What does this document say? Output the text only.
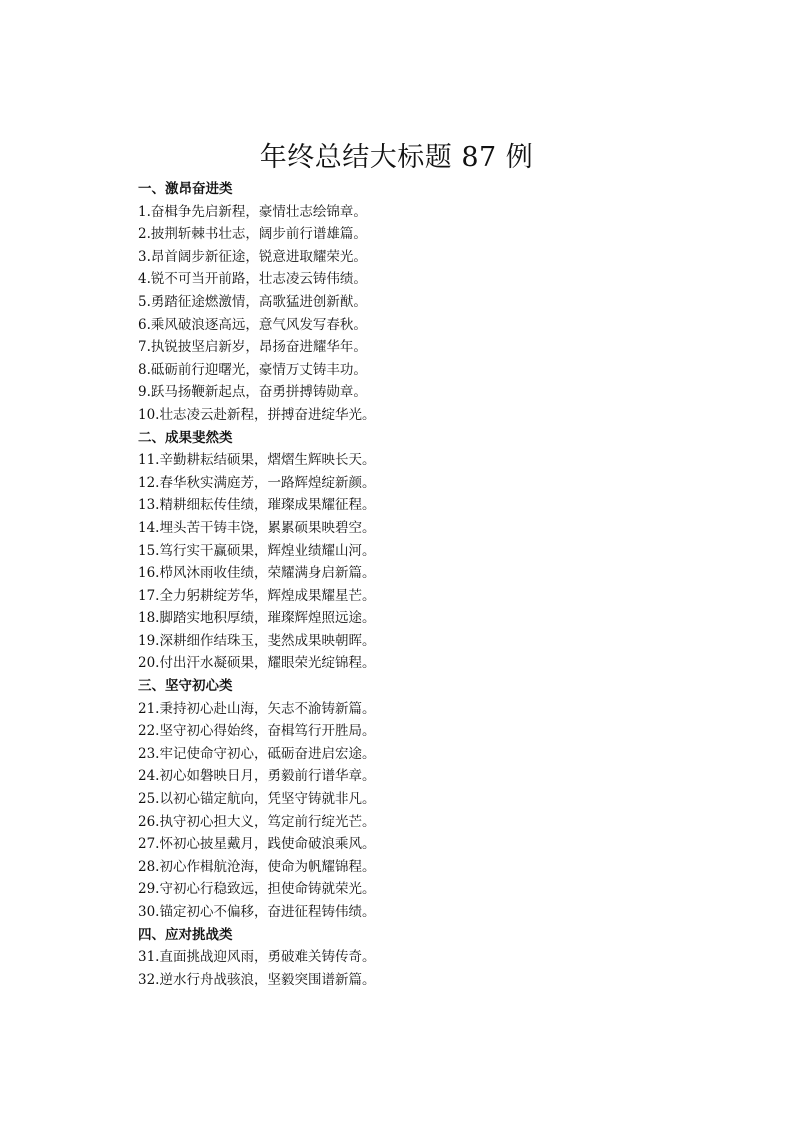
年终总结大标题 87 例
一、激昂奋进类
1.奋楫争先启新程，豪情壮志绘锦章。
2.披荆斩棘书壮志，阔步前行谱雄篇。
3.昂首阔步新征途，锐意进取耀荣光。
4.锐不可当开前路，壮志凌云铸伟绩。
5.勇踏征途燃激情，高歌猛进创新猷。
6.乘风破浪逐高远，意气风发写春秋。
7.执锐披坚启新岁，昂扬奋进耀华年。
8.砥砺前行迎曙光，豪情万丈铸丰功。
9.跃马扬鞭新起点，奋勇拼搏铸勋章。
10.壮志凌云赴新程，拼搏奋进绽华光。
二、成果斐然类
11.辛勤耕耘结硕果，熠熠生辉映长天。
12.春华秋实满庭芳，一路辉煌绽新颜。
13.精耕细耘传佳绩，璀璨成果耀征程。
14.埋头苦干铸丰饶，累累硕果映碧空。
15.笃行实干赢硕果，辉煌业绩耀山河。
16.栉风沐雨收佳绩，荣耀满身启新篇。
17.全力躬耕绽芳华，辉煌成果耀星芒。
18.脚踏实地积厚绩，璀璨辉煌照远途。
19.深耕细作结珠玉，斐然成果映朝晖。
20.付出汗水凝硕果，耀眼荣光绽锦程。
三、坚守初心类
21.秉持初心赴山海，矢志不渝铸新篇。
22.坚守初心得始终，奋楫笃行开胜局。
23.牢记使命守初心，砥砺奋进启宏途。
24.初心如磐映日月，勇毅前行谱华章。
25.以初心锚定航向，凭坚守铸就非凡。
26.执守初心担大义，笃定前行绽光芒。
27.怀初心披星戴月，践使命破浪乘风。
28.初心作楫航沧海，使命为帆耀锦程。
29.守初心行稳致远，担使命铸就荣光。
30.锚定初心不偏移，奋进征程铸伟绩。
四、应对挑战类
31.直面挑战迎风雨，勇破难关铸传奇。
32.逆水行舟战骇浪，坚毅突围谱新篇。
